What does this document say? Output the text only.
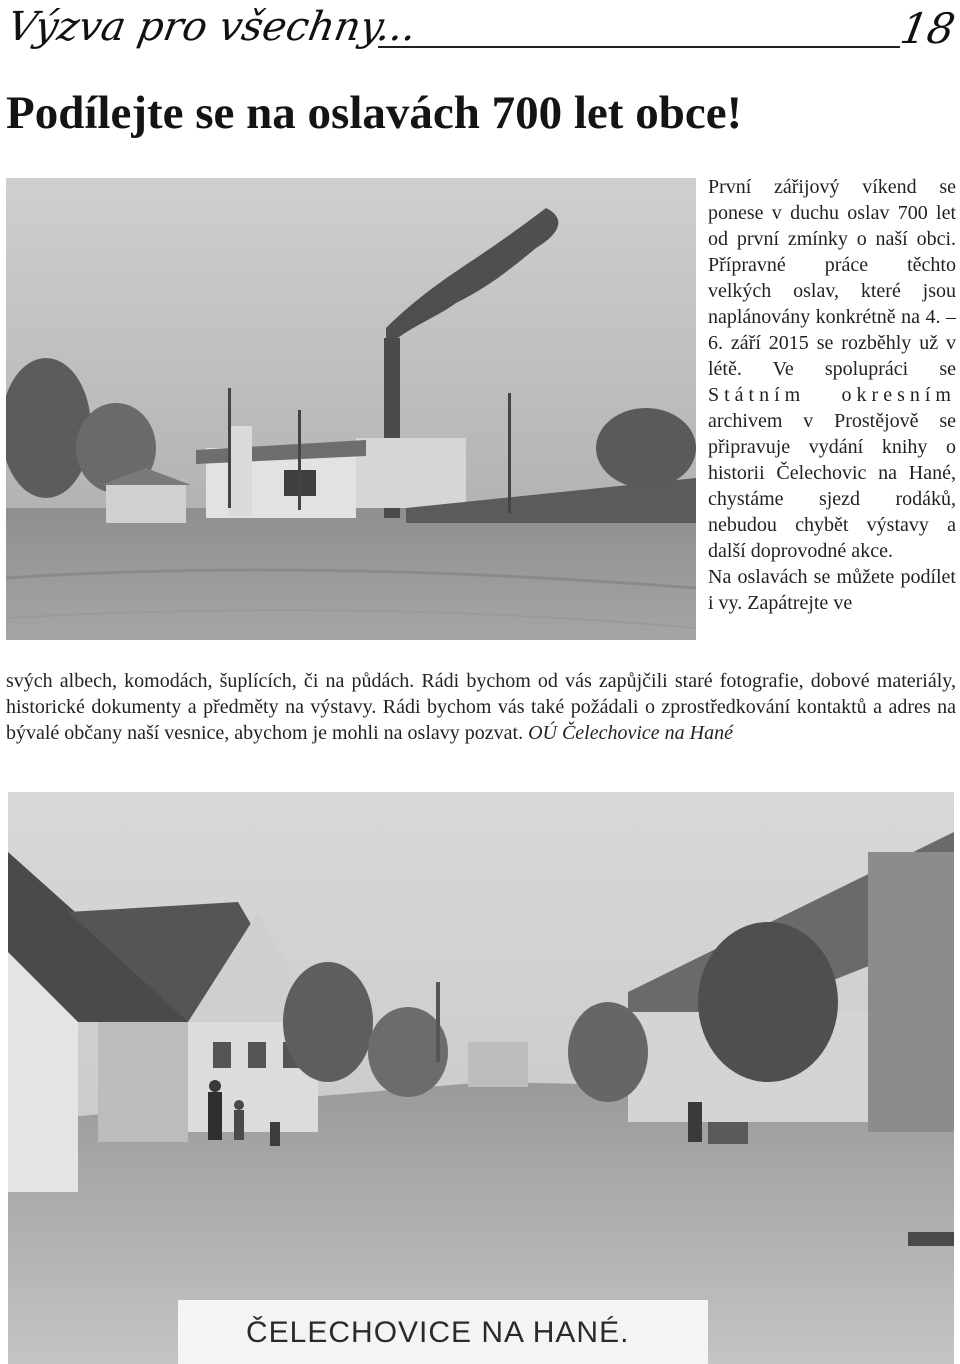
Výzva pro všechny...	18
Podílejte se na oslavách 700 let obce!

První zářijový víkend se ponese v duchu oslav 700 let od první zmínky o naší obci. Přípravné práce těchto velkých oslav, které jsou naplánovány konkrétně na 4. – 6. září 2015 se rozběhly už v létě. Ve spolupráci se Státním okresním archivem v Prostějově se připravuje vydání knihy o historii Čelechovic na Hané, chystáme sjezd rodáků, nebudou chybět výstavy a další doprovodné akce.

Na oslavách se můžete podílet i vy. Zapátrejte ve

svých albech, komodách, šuplících, či na půdách. Rádi bychom od vás zapůjčili staré fotografie, dobové materiály, historické dokumenty a předměty na výstavy. Rádi bychom vás také požádali o zprostředkování kontaktů a adres na bývalé občany naší vesnice, abychom je mohli na oslavy pozvat. OÚ Čelechovice na Hané

ČELECHOVICE NA HANÉ.
